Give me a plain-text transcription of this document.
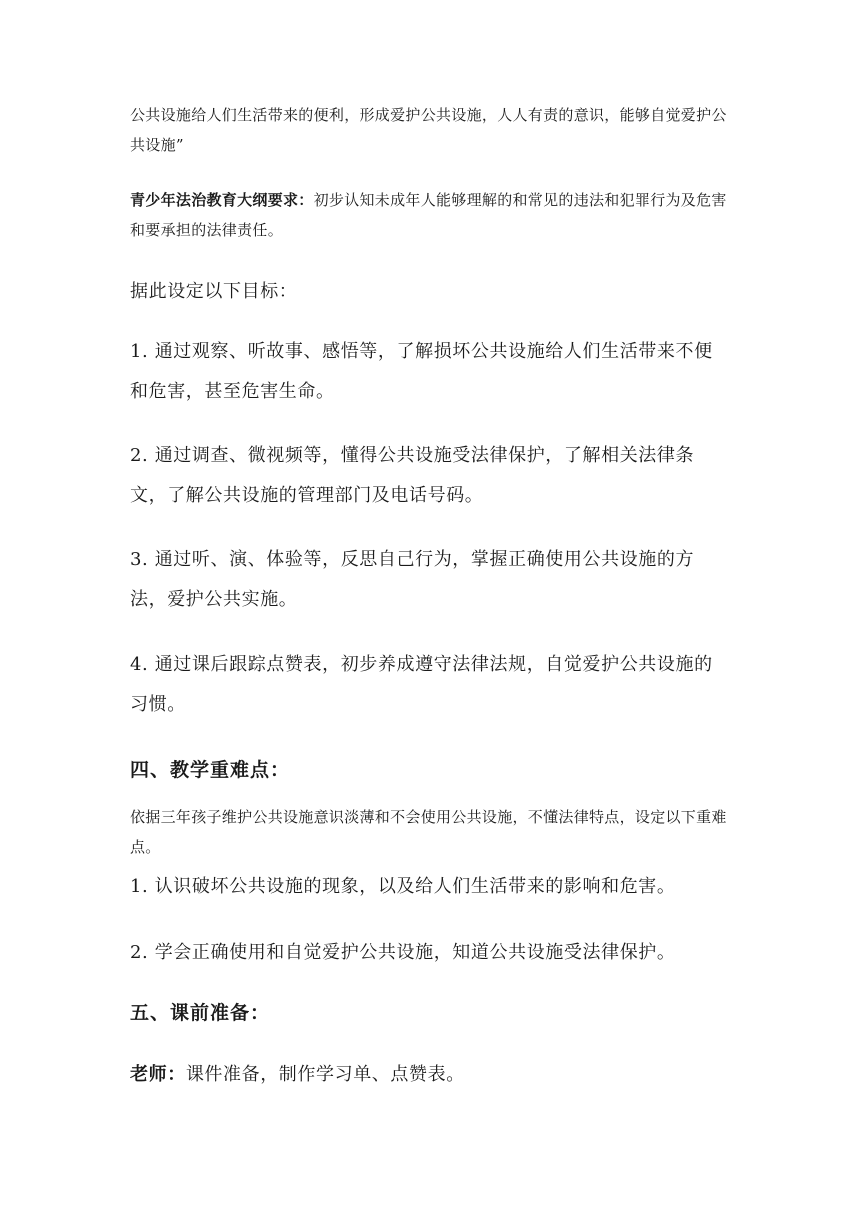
公共设施给人们生活带来的便利，形成爱护公共设施，人人有责的意识，能够自觉爱护公共设施”
青少年法治教育大纲要求：初步认知未成年人能够理解的和常见的违法和犯罪行为及危害和要承担的法律责任。
据此设定以下目标：
1. 通过观察、听故事、感悟等，了解损坏公共设施给人们生活带来不便和危害，甚至危害生命。
2. 通过调查、微视频等，懂得公共设施受法律保护，了解相关法律条文，了解公共设施的管理部门及电话号码。
3. 通过听、演、体验等，反思自己行为，掌握正确使用公共设施的方法，爱护公共实施。
4. 通过课后跟踪点赞表，初步养成遵守法律法规，自觉爱护公共设施的习惯。
四、教学重难点：
依据三年孩子维护公共设施意识淡薄和不会使用公共设施，不懂法律特点，设定以下重难点。
1. 认识破坏公共设施的现象，以及给人们生活带来的影响和危害。
2. 学会正确使用和自觉爱护公共设施，知道公共设施受法律保护。
五、课前准备：
老师：课件准备，制作学习单、点赞表。
